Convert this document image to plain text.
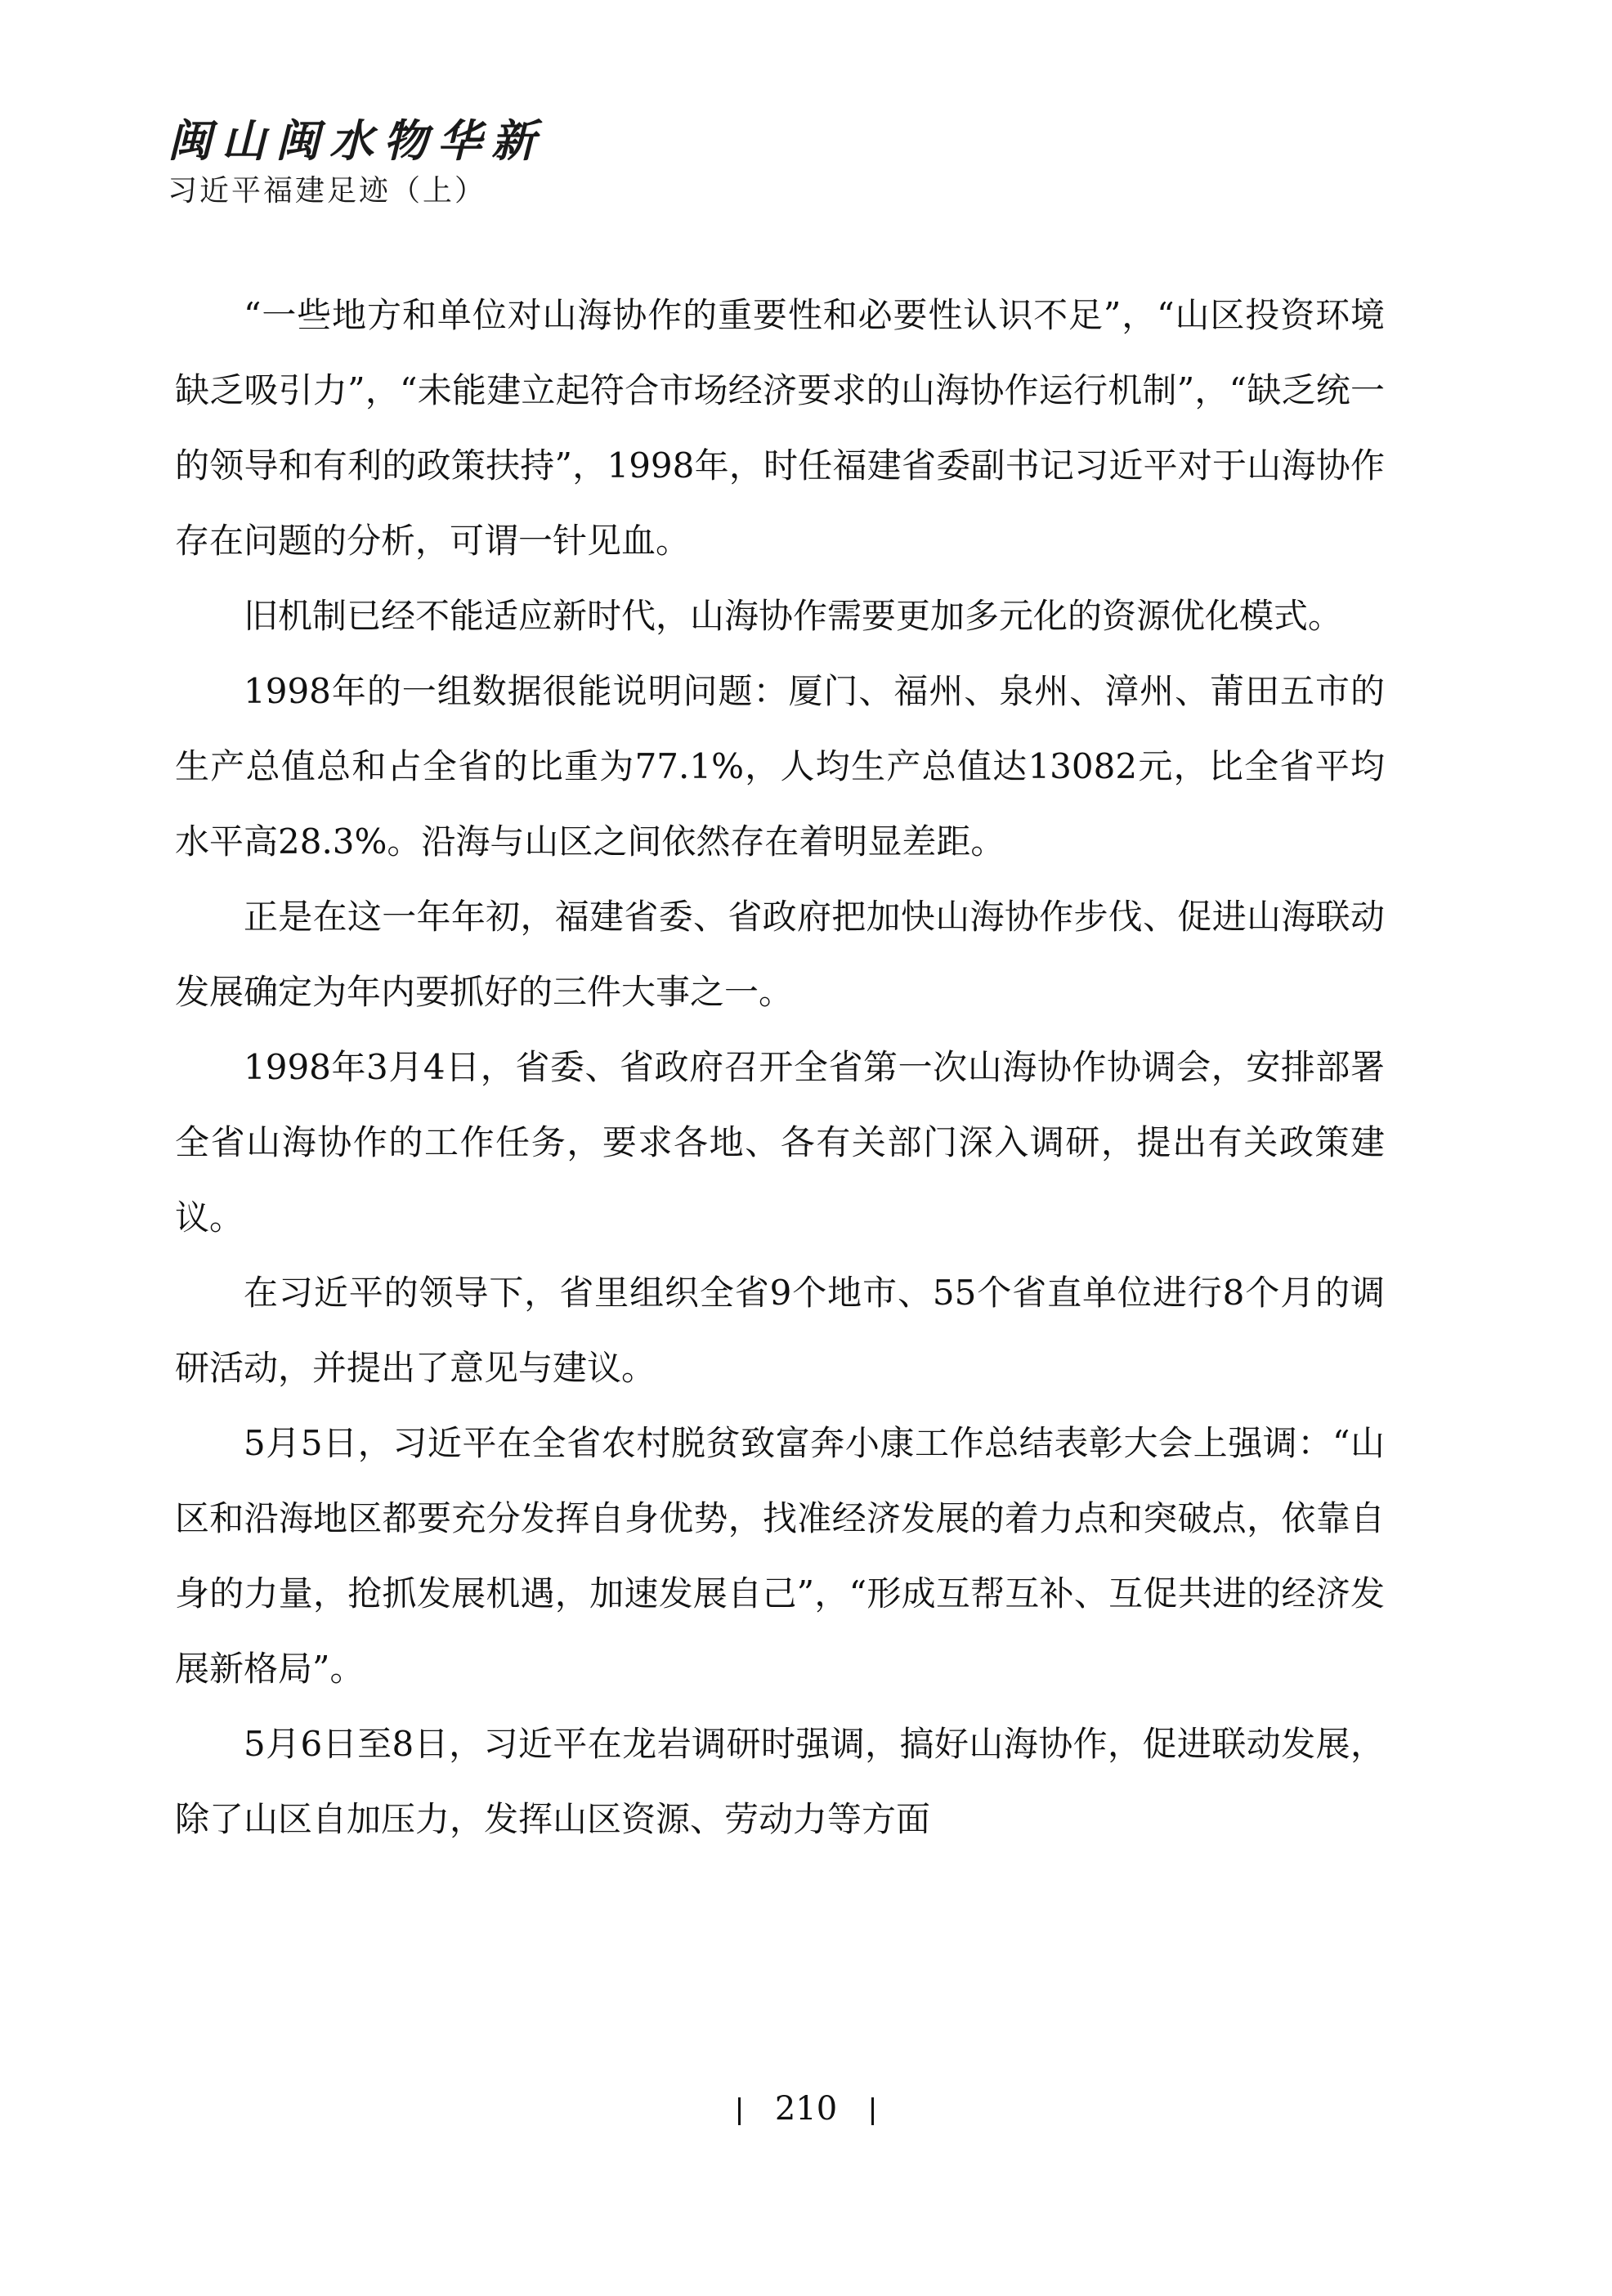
闽山闽水物华新
习近平福建足迹（上）

“一些地方和单位对山海协作的重要性和必要性认识不足”，“山区投资环境缺乏吸引力”，“未能建立起符合市场经济要求的山海协作运行机制”，“缺乏统一的领导和有利的政策扶持”，1998年，时任福建省委副书记习近平对于山海协作存在问题的分析，可谓一针见血。

旧机制已经不能适应新时代，山海协作需要更加多元化的资源优化模式。

1998年的一组数据很能说明问题：厦门、福州、泉州、漳州、莆田五市的生产总值总和占全省的比重为77.1%，人均生产总值达13082元，比全省平均水平高28.3%。沿海与山区之间依然存在着明显差距。

正是在这一年年初，福建省委、省政府把加快山海协作步伐、促进山海联动发展确定为年内要抓好的三件大事之一。

1998年3月4日，省委、省政府召开全省第一次山海协作协调会，安排部署全省山海协作的工作任务，要求各地、各有关部门深入调研，提出有关政策建议。

在习近平的领导下，省里组织全省9个地市、55个省直单位进行8个月的调研活动，并提出了意见与建议。

5月5日，习近平在全省农村脱贫致富奔小康工作总结表彰大会上强调：“山区和沿海地区都要充分发挥自身优势，找准经济发展的着力点和突破点，依靠自身的力量，抢抓发展机遇，加速发展自己”，“形成互帮互补、互促共进的经济发展新格局”。

5月6日至8日，习近平在龙岩调研时强调，搞好山海协作，促进联动发展，除了山区自加压力，发挥山区资源、劳动力等方面

210
